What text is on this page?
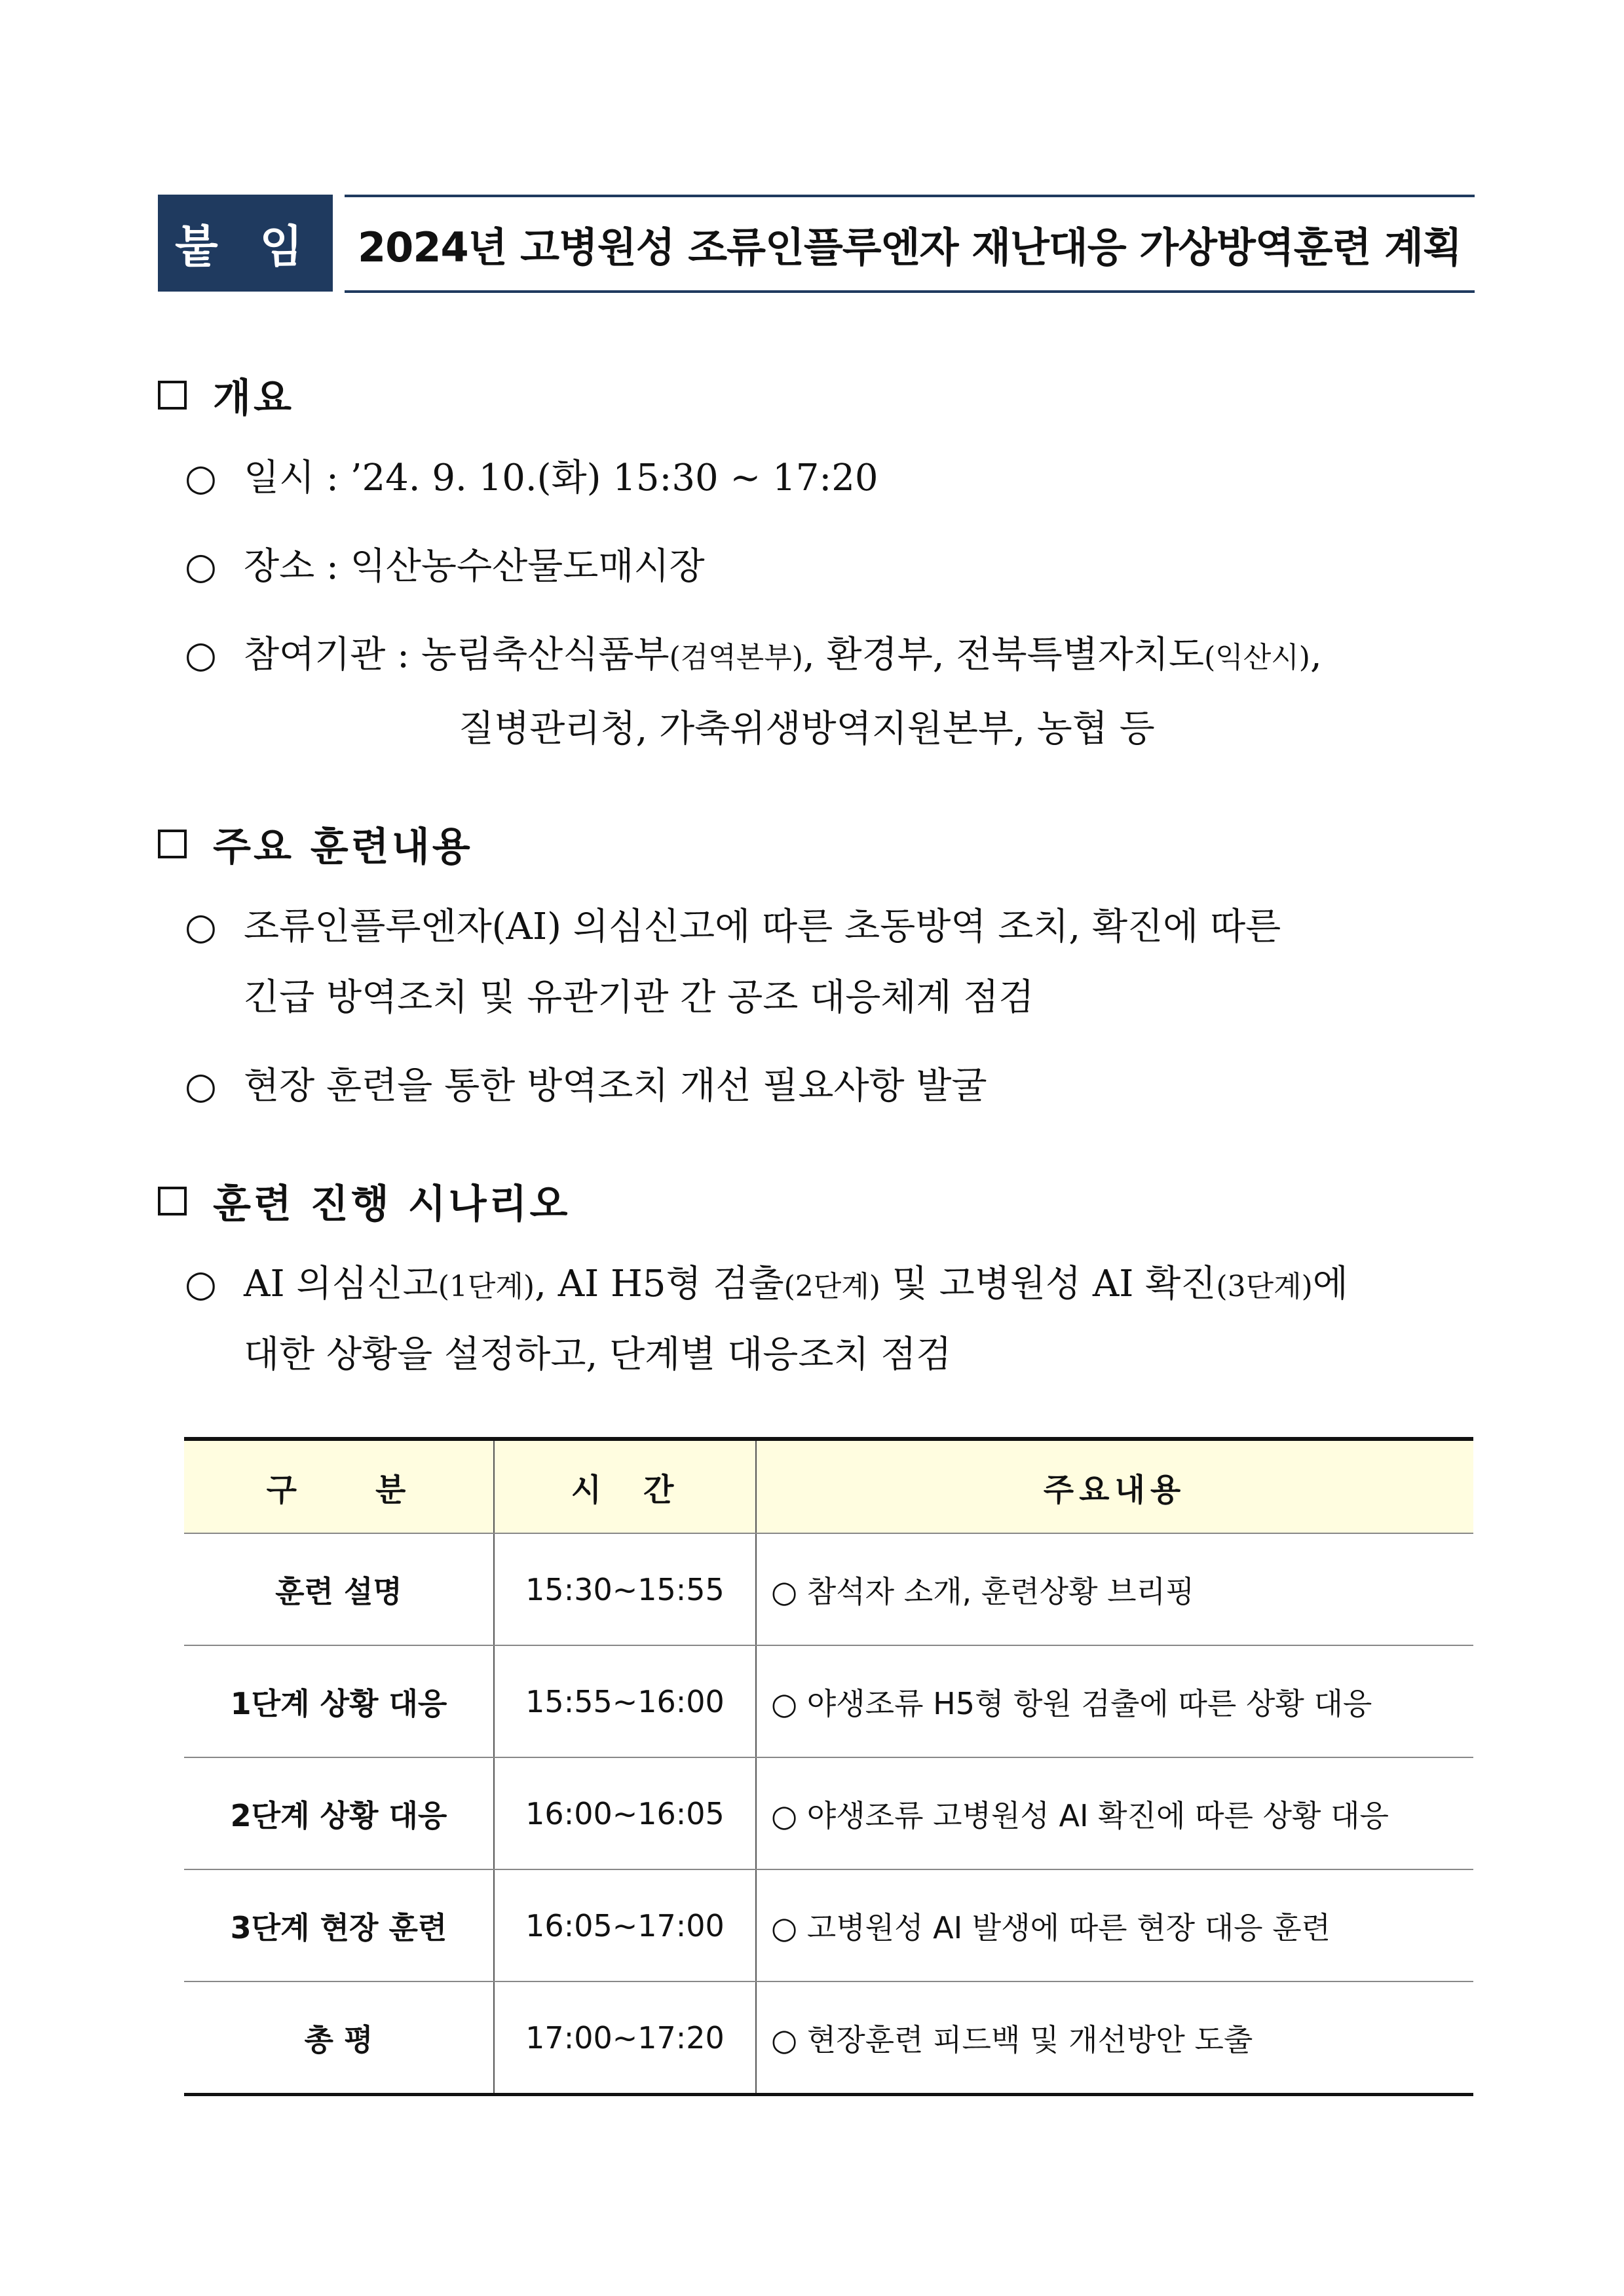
붙 임	2024년 고병원성 조류인플루엔자 재난대응 가상방역훈련 계획
개요
○ 일시 : ’24. 9. 10.(화) 15:30 ~ 17:20
○ 장소 : 익산농수산물도매시장
○ 참여기관 : 농림축산식품부(검역본부), 환경부, 전북특별자치도(익산시),
질병관리청, 가축위생방역지원본부, 농협 등
주요 훈련내용
○ 조류인플루엔자(AI) 의심신고에 따른 초동방역 조치, 확진에 따른
긴급 방역조치 및 유관기관 간 공조 대응체계 점검
○ 현장 훈련을 통한 방역조치 개선 필요사항 발굴
훈련 진행 시나리오
○ AI 의심신고(1단계), AI H5형 검출(2단계) 및 고병원성 AI 확진(3단계)에
대한 상황을 설정하고, 단계별 대응조치 점검
구　　분	시　간	주요내용
훈련 설명	15:30~15:55	○ 참석자 소개, 훈련상황 브리핑
1단계 상황 대응	15:55~16:00	○ 야생조류 H5형 항원 검출에 따른 상황 대응
2단계 상황 대응	16:00~16:05	○ 야생조류 고병원성 AI 확진에 따른 상황 대응
3단계 현장 훈련	16:05~17:00	○ 고병원성 AI 발생에 따른 현장 대응 훈련
총 평	17:00~17:20	○ 현장훈련 피드백 및 개선방안 도출
